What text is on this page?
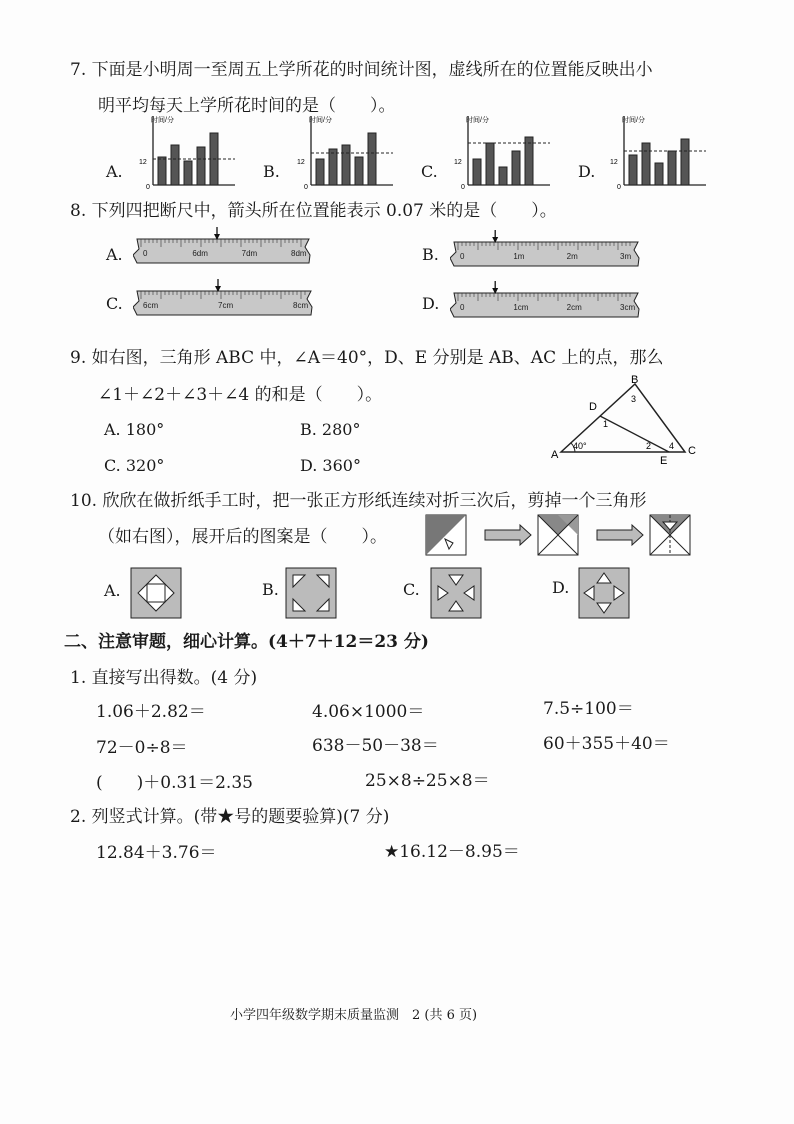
7. 下面是小明周一至周五上学所花的时间统计图，虚线所在的位置能反映出小
明平均每天上学所花时间的是（　　）。
A.	B.	C.	D.
时间/分
12
0
时间/分
12
0
时间/分
12
0
时间/分
12
0
8. 下列四把断尺中，箭头所在位置能表示 0.07 米的是（　　）。
A.	B.
C.	D.
0	6dm	7dm	8dm	0	1m	2m	3m
6cm	7cm	8cm	0	1cm	2cm	3cm
9. 如右图，三角形 ABC 中，∠A＝40°，D、E 分别是 AB、AC 上的点，那么
∠1＋∠2＋∠3＋∠4 的和是（　　）。
A. 180°	B. 280°
C. 320°	D. 360°
A
B
C
D
E
40°
1
2
3
4
10. 欣欣在做折纸手工时，把一张正方形纸连续对折三次后，剪掉一个三角形
（如右图），展开后的图案是（　　）。
A.	B.	C.	D.
二、注意审题，细心计算。(4＋7＋12＝23 分)
1. 直接写出得数。(4 分)
1.06＋2.82＝	4.06×1000＝	7.5÷100＝
72－0÷8＝	638－50－38＝	60＋355＋40＝
(　　)＋0.31＝2.35	25×8÷25×8＝
2. 列竖式计算。(带★号的题要验算)(7 分)
12.84＋3.76＝	★16.12－8.95＝
小学四年级数学期末质量监测　2 (共 6 页)
